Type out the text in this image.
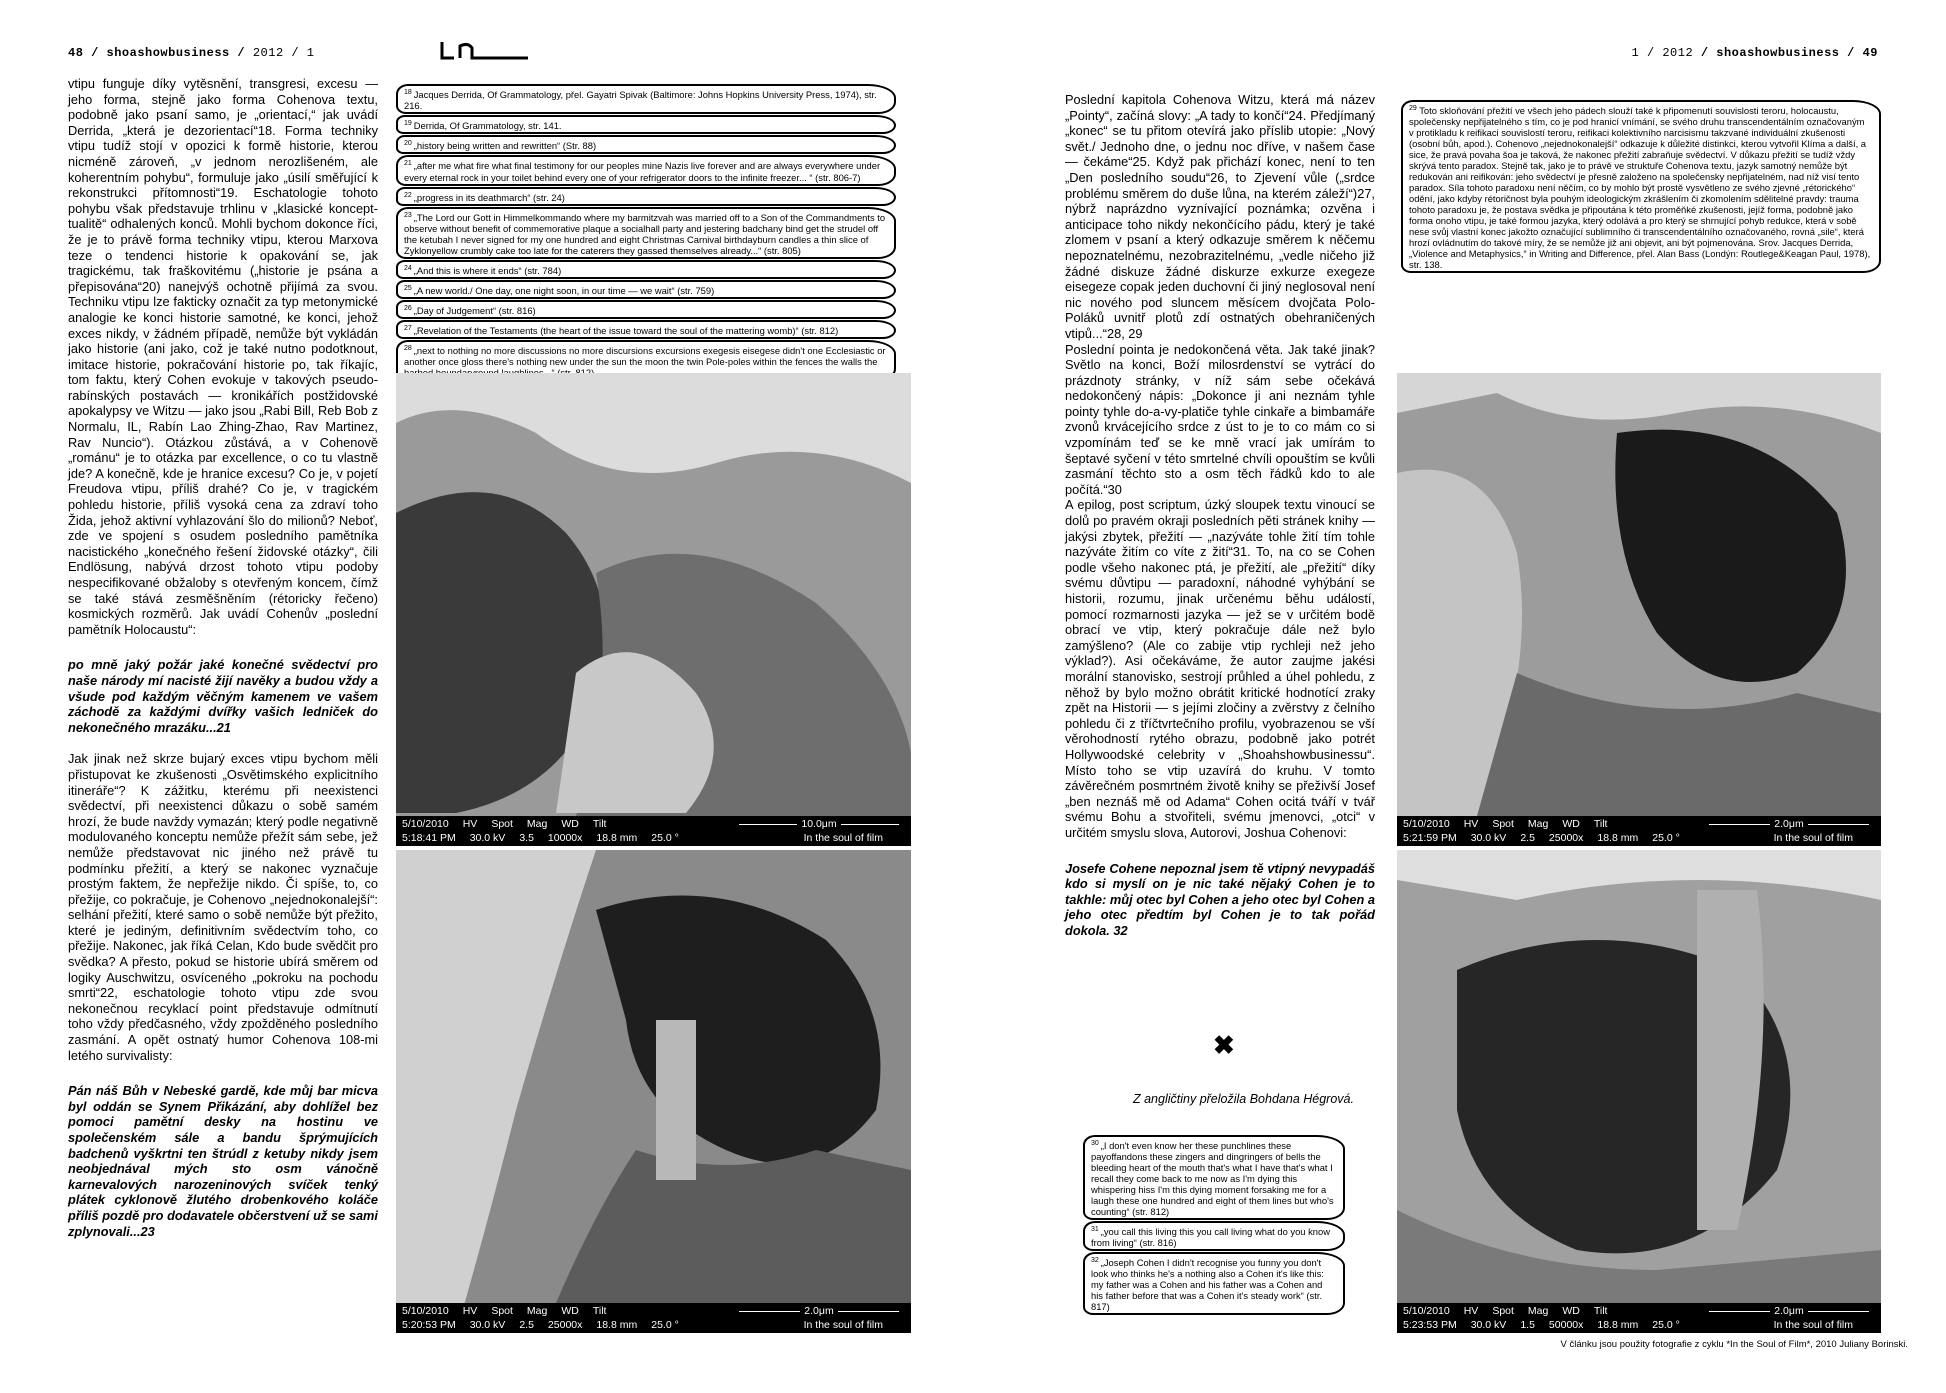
48 / shoashowbusiness / 2012 / 1

vtipu funguje díky vytěsnění, transgresi, excesu — jeho forma, stejně jako forma Cohenova textu, podobně jako psaní samo, je „orientací,“ jak uvádí Derrida, „která je dezorientací“18. Forma techniky vtipu tudíž stojí v opozici k formě historie, kterou nicméně zároveň, „v jednom nerozlišeném, ale koherentním pohybu“, formuluje jako „úsilí směřující k rekonstrukci přítomnosti“19. Eschatologie tohoto pohybu však představuje trhlinu v „klasické koncepttualitě“ odhalených konců. Mohli bychom dokonce říci, že je to právě forma techniky vtipu, kterou Marxova teze o tendenci historie k opakování se, jak tragickému, tak fraškovitému („historie je psána a přepisována“20) nanejvýš ochotně přijímá za svou. Techniku vtipu lze fakticky označit za typ metonymické analogie ke konci historie samotné, ke konci, jehož exces nikdy, v žádném případě, nemůže být vykládán jako historie (ani jako, což je také nutno podotknout, imitace historie, pokračování historie po, tak říkajíc, tom faktu, který Cohen evokuje v takových pseudo-rabínských postavách — kronikářích postžidovské apokalypsy ve Witzu — jako jsou „Rabi Bill, Reb Bob z Normalu, IL, Rabín Lao Zhing-Zhao, Rav Martinez, Rav Nuncio“). Otázkou zůstává, a v Cohenově „románu“ je to otázka par excellence, o co tu vlastně jde? A konečně, kde je hranice excesu? Co je, v pojetí Freudova vtipu, příliš drahé? Co je, v tragickém pohledu historie, příliš vysoká cena za zdraví toho Žida, jehož aktivní vyhlazování šlo do milionů? Neboť, zde ve spojení s osudem posledního pamětníka nacistického „konečného řešení židovské otázky“, čili Endlösung, nabývá drzost tohoto vtipu podoby nespecifikované obžaloby s otevřeným koncem, čímž se také stává zesměšněním (rétoricky řečeno) kosmických rozměrů. Jak uvádí Cohenův „poslední pamětník Holocaustu“:

po mně jaký požár jaké konečné svědectví pro naše národy mí nacisté žijí navěky a budou vždy a všude pod každým věčným kamenem ve vašem záchodě za každými dvířky vašich ledniček do nekonečného mrazáku...21

Jak jinak než skrze bujarý exces vtipu bychom měli přistupovat ke zkušenosti „Osvětimského explicitního itineráře“? K zážitku, kterému při neexistenci svědectví, při neexistenci důkazu o sobě samém hrozí, že bude navždy vymazán; který podle negativně modulovaného konceptu nemůže přežít sám sebe, jež nemůže představovat nic jiného než právě tu podmínku přežití, a který se nakonec vyznačuje prostým faktem, že nepřežije nikdo. Či spíše, to, co přežije, co pokračuje, je Cohenovo „nejednokonalejší“: selhání přežití, které samo o sobě nemůže být přežito, které je jediným, definitivním svědectvím toho, co přežije. Nakonec, jak říká Celan, Kdo bude svědčit pro svědka? A přesto, pokud se historie ubírá směrem od logiky Auschwitzu, osvíceného „pokroku na pochodu smrti“22, eschatologie tohoto vtipu zde svou nekonečnou recyklací point představuje odmítnutí toho vždy předčasného, vždy zpožděného posledního zasmání. A opět ostnatý humor Cohenova 108-mi letého survivalisty:

Pán náš Bůh v Nebeské gardě, kde můj bar micva byl oddán se Synem Přikázání, aby dohlížel bez pomoci pamětní desky na hostinu ve společenském sále a bandu šprýmujících badchenů vyškrtni ten štrúdl z ketuby nikdy jsem neobjednával mých sto osm vánočně karnevalových narozeninových svíček tenký plátek cyklonově žlutého drobenkového koláče příliš pozdě pro dodavatele občerstvení už se sami zplynovali...23

$^{18}$ Jacques Derrida, Of Grammatology, přel. Gayatri Spivak (Baltimore: Johns Hopkins University Press, 1974), str. 216.
$^{19}$ Derrida, Of Grammatology, str. 141.
$^{20}$ „history being written and rewritten“ (Str. 88)
$^{21}$ „after me what fire what final testimony for our peoples mine Nazis live forever and are always everywhere under every eternal rock in your toilet behind every one of your refrigerator doors to the infinite freezer... “ (str. 806-7)
$^{22}$ „progress in its deathmarch“ (str. 24)
$^{23}$ „The Lord our Gott in Himmelkommando where my barmitzvah was married off to a Son of the Commandments to observe without benefit of commemorative plaque a socialhall party and jestering badchany bind get the strudel off the ketubah I never signed for my one hundred and eight Christmas Carnival birthdayburn candles a thin slice of Zyklonyellow crumbly cake too late for the caterers they gassed themselves already...“ (str. 805)
$^{24}$ „And this is where it ends“ (str. 784)
$^{25}$ „A new world./ One day, one night soon, in our time — we wait“ (str. 759)
$^{26}$ „Day of Judgement“ (str. 816)
$^{27}$ „Revelation of the Testaments (the heart of the issue toward the soul of the mattering womb)“ (str. 812)
$^{28}$ „next to nothing no more discussions no more discursions excursions exegesis eisegese didn't one Ecclesiastic or another once gloss there's nothing new under the sun the moon the twin Pole-poles within the fences the walls the
5/10/2010 HV Spot Mag WD Tilt
5:18:41 PM 30.0 kV 3.5 10000x 18.8 mm 25.0 °
10.0μm
In the soul of film
5/10/2010 HV Spot Mag WD Tilt
5:20:53 PM 30.0 kV 2.5 25000x 18.8 mm 25.0 °
2.0μm
In the soul of film
1 / 2012 / shoashowbusiness / 49

Poslední kapitola Cohenova Witzu, která má název „Pointy“, začíná slovy: „A tady to končí“24. Předjímaný „konec“ se tu přitom otevírá jako příslib utopie: „Nový svět./ Jednoho dne, o jednu noc dříve, v našem čase — čekáme“25. Když pak přichází konec, není to ten „Den posledního soudu“26, to Zjevení vůle („srdce problému směrem do duše lůna, na kterém záleží“)27, nýbrž naprázdno vyznívající poznámka; ozvěna i anticipace toho nikdy nekončícího pádu, který je také zlomem v psaní a který odkazuje směrem k něčemu nepoznatelnému, nezobrazitelnému, „vedle ničeho již žádné diskuze žádné diskurze exkurze exegeze eisegeze copak jeden duchovní či jiný neglosoval není nic nového pod sluncem měsícem dvojčata Polo-Poláků uvnitř plotů zdí ostnatých obehraničených vtipů...“28, 29

Poslední pointa je nedokončená věta. Jak také jinak? Světlo na konci, Boží milosrdenství se vytrácí do prázdnoty stránky, v níž sám sebe očekává nedokončený nápis: „Dokonce ji ani neznám tyhle pointy tyhle do-a-vy-platiče tyhle cinkaře a bimbamáře zvonů krvácejícího srdce z úst to je to co mám co si vzpomínám teď se ke mně vrací jak umírám to šeptavé syčení v této smrtelné chvíli opouštím se kvůli zasmání těchto sto a osm těch řádků kdo to ale počítá.“30

A epilog, post scriptum, úzký sloupek textu vinoucí se dolů po pravém okraji posledních pěti stránek knihy — jakýsi zbytek, přežití — „nazýváte tohle žití tím tohle nazýváte žitím co víte z žití“31. To, na co se Cohen podle všeho nakonec ptá, je přežití, ale „přežití“ díky svému důvtipu — paradoxní, náhodné vyhýbání se historii, rozumu, jinak určenému běhu událostí, pomocí rozmarnosti jazyka — jež se v určitém bodě obrací ve vtip, který pokračuje dále než bylo zamýšleno? (Ale co zabije vtip rychleji než jeho výklad?). Asi očekáváme, že autor zaujme jakési morální stanovisko, sestrojí průhled a úhel pohledu, z něhož by bylo možno obrátit kritické hodnotící zraky zpět na Historii — s jejími zločiny a zvěrstvy z čelního pohledu či z tříčtvrtečního profilu, vyobrazenou se vší věrohodností rytého obrazu, podobně jako potrét Hollywoodské celebrity v „Shoahshowbusinessu“. Místo toho se vtip uzavírá do kruhu. V tomto závěrečném posmrtném životě knihy se přeživší Josef „ben neznáš mě od Adama“ Cohen ocitá tváří v tvář svému Bohu a stvořiteli, svému jmenovci, „otci“ v určitém smyslu slova, Autorovi, Joshua Cohenovi:

Josefe Cohene nepoznal jsem tě vtipný nevypadáš kdo si myslí on je nic také nějaký Cohen je to takhle: můj otec byl Cohen a jeho otec byl Cohen a jeho otec předtím byl Cohen je to tak pořád dokola. 32

$^{29}$ Toto skloňování přežití ve všech jeho pádech slouží také k připomenutí souvislosti teroru, holocaustu, společensky nepřijatelného s tím, co je pod hranicí vnímání, se svého druhu transcendentálním označovaným v protikladu k reifikaci souvislostí teroru, reifikaci kolektivního narcisismu takzvané individuální zkušenosti (osobní bůh, apod.). Cohenovo „nejednokonalejší“ odkazuje k důležité distinkci, kterou vytvořil Klíma a další, a sice, že pravá povaha šoa je taková, že nakonec přežití zabraňuje svědectví. V důkazu přežití se tudíž vždy skrývá tento paradox. Stejně tak, jako je to právě ve struktuře Cohenova textu, jazyk samotný nemůže být redukován ani reifikován: jeho svědectví je přesně založeno na společensky nepřijatelném, nad níž visí tento paradox. Síla tohoto paradoxu není něčím, co by mohlo být prostě vysvětleno ze svého zjevné „rétorického“ odění, jako kdyby rétoričnost byla pouhým ideologickým zkrášlením či zkomolením sdělitelné pravdy: trauma tohoto paradoxu je, že postava svědka je připoutána k této proměňké zkušenosti, jejíž forma, podobně jako forma onoho vtipu, je také formou jazyka, který odolává a pro který se shrnující pohyb redukce, která v sobě nese svůj vlastní konec jakožto označující sublimního či transcendentálního označovaného, rovná „sile“, která hrozí ovládnutím do takové míry, že se nemůže již ani objevit, ani být pojmenována. Srov. Jacques Derrida, „Violence and Metaphysics,“ in Writing and Difference, přel. Alan Bass (Londýn: Routlege&Keagan Paul, 1978), str. 138.
✖
Z angličtiny přeložila Bohdana Hégrová.
$^{30}$ „I don't even know her these punchlines these payoffandons these zingers and dingringers of bells the bleeding heart of the mouth that's what I have that's what I recall they come back to me now as I'm dying this whispering hiss I'm this dying moment forsaking me for a laugh these one hundred and eight of them lines but who's counting“ (str. 812)
$^{31}$ „you call this living this you call living what do you know from living“ (str. 816)
$^{32}$ „Joseph Cohen I didn't recognise you funny you don't look who thinks he's a nothing also a Cohen it's like this: my father was a Cohen and his father was a Cohen and his father before that was a Cohen it's steady work“ (str. 817)
5/10/2010 HV Spot Mag WD Tilt
5:21:59 PM 30.0 kV 2.5 25000x 18.8 mm 25.0 °
2.0μm
In the soul of film
5/10/2010 HV Spot Mag WD Tilt
5:23:53 PM 30.0 kV 1.5 50000x 18.8 mm 25.0 °
2.0μm
In the soul of film
V článku jsou použity fotografie z cyklu *In the Soul of Film*, 2010 Juliany Borinski.
